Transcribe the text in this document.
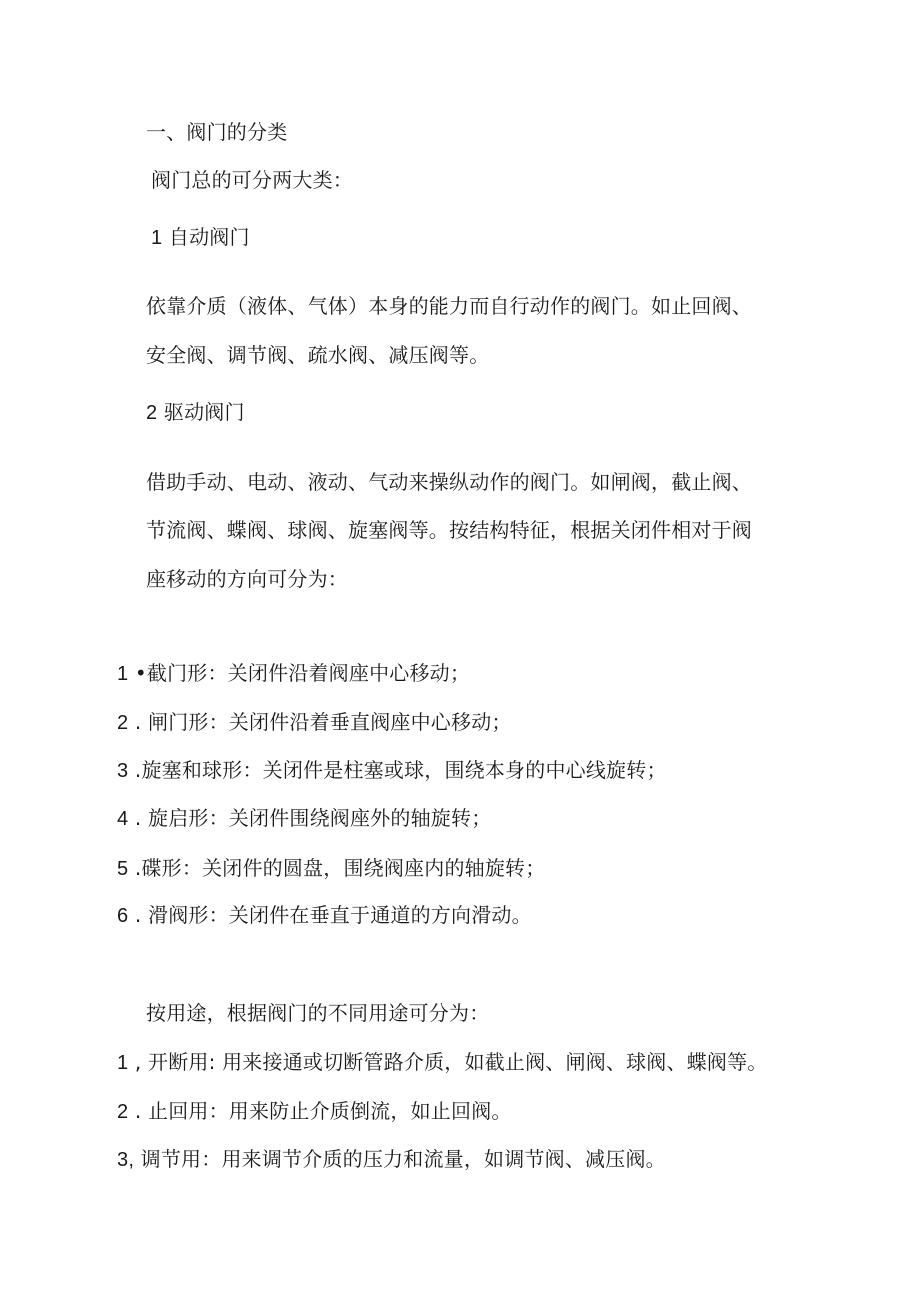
一、阀门的分类
阀门总的可分两大类：
1 自动阀门
依靠介质（液体、气体）本身的能力而自行动作的阀门。如止回阀、
安全阀、调节阀、疏水阀、减压阀等。
2 驱动阀门
借助手动、电动、液动、气动来操纵动作的阀门。如闸阀，截止阀、
节流阀、蝶阀、球阀、旋塞阀等。按结构特征，根据关闭件相对于阀
座移动的方向可分为：
1 •截门形：关闭件沿着阀座中心移动；
2 . 闸门形：关闭件沿着垂直阀座中心移动；
3 .旋塞和球形：关闭件是柱塞或球，围绕本身的中心线旋转；
4 . 旋启形：关闭件围绕阀座外的轴旋转；
5 .碟形：关闭件的圆盘，围绕阀座内的轴旋转；
6 . 滑阀形：关闭件在垂直于通道的方向滑动。
按用途，根据阀门的不同用途可分为：
1 , 开断用: 用来接通或切断管路介质，如截止阀、闸阀、球阀、蝶阀等。
2 . 止回用：用来防止介质倒流，如止回阀。
3, 调节用：用来调节介质的压力和流量，如调节阀、减压阀。
